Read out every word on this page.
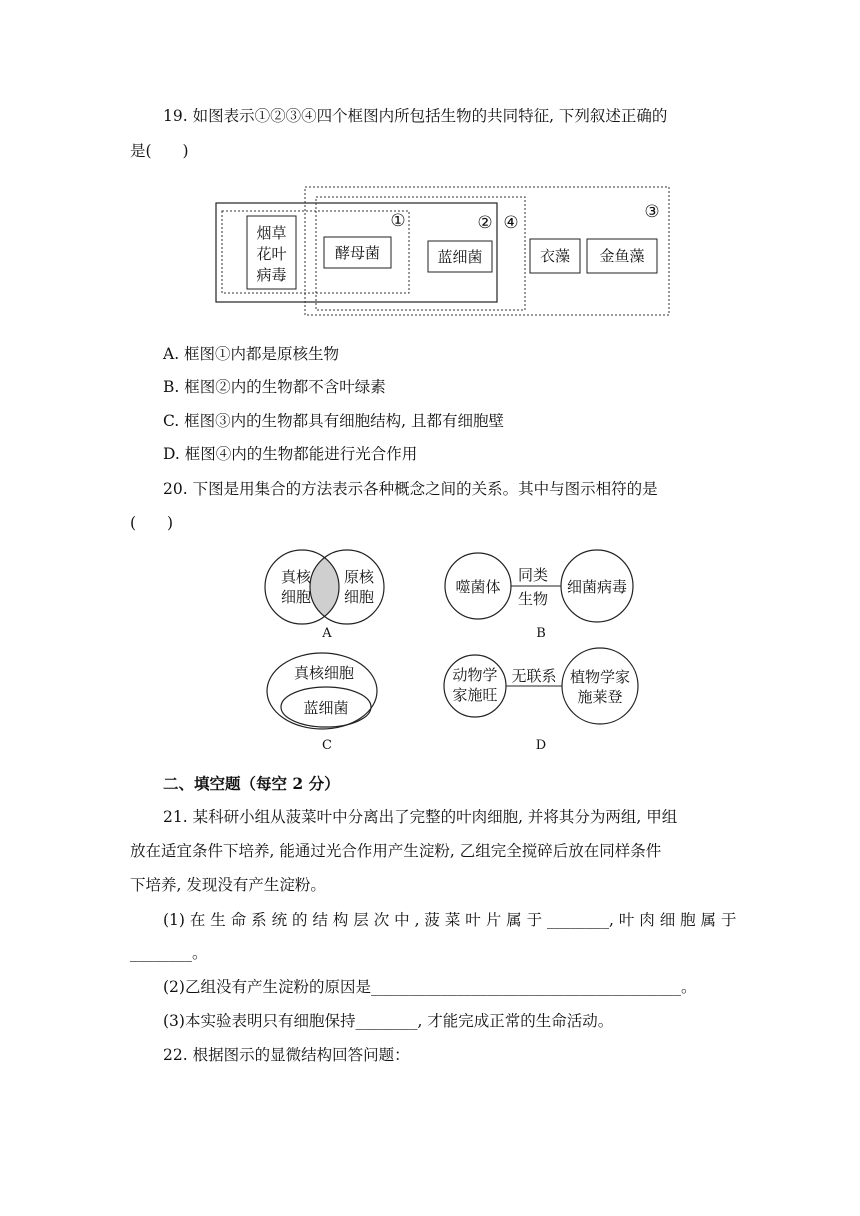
19. 如图表示①②③④四个框图内所包括生物的共同特征, 下列叙述正确的
是(　　)
烟草
花叶
病毒
酵母菌	蓝细菌	衣藻 金鱼藻
①	② ④
③
A. 框图①内都是原核生物
B. 框图②内的生物都不含叶绿素
C. 框图③内的生物都具有细胞结构, 且都有细胞壁
D. 框图④内的生物都能进行光合作用
20. 下图是用集合的方法表示各种概念之间的关系。其中与图示相符的是
(　　)
真核
细胞
原核
细胞
A
噬菌体
同类
生物
细菌病毒
B
真核细胞
蓝细菌
C
动物学
家施旺
无联系 植物学家
施莱登
D
二、填空题（每空 2 分）
21. 某科研小组从菠菜叶中分离出了完整的叶肉细胞, 并将其分为两组, 甲组
放在适宜条件下培养, 能通过光合作用产生淀粉, 乙组完全搅碎后放在同样条件
下培养, 发现没有产生淀粉。
(1) 在 生 命 系 统 的 结 构 层 次 中 , 菠 菜 叶 片 属 于 ________, 叶 肉 细 胞 属 于
________。
(2)乙组没有产生淀粉的原因是________________________________________。
(3)本实验表明只有细胞保持________, 才能完成正常的生命活动。
22. 根据图示的显微结构回答问题：
